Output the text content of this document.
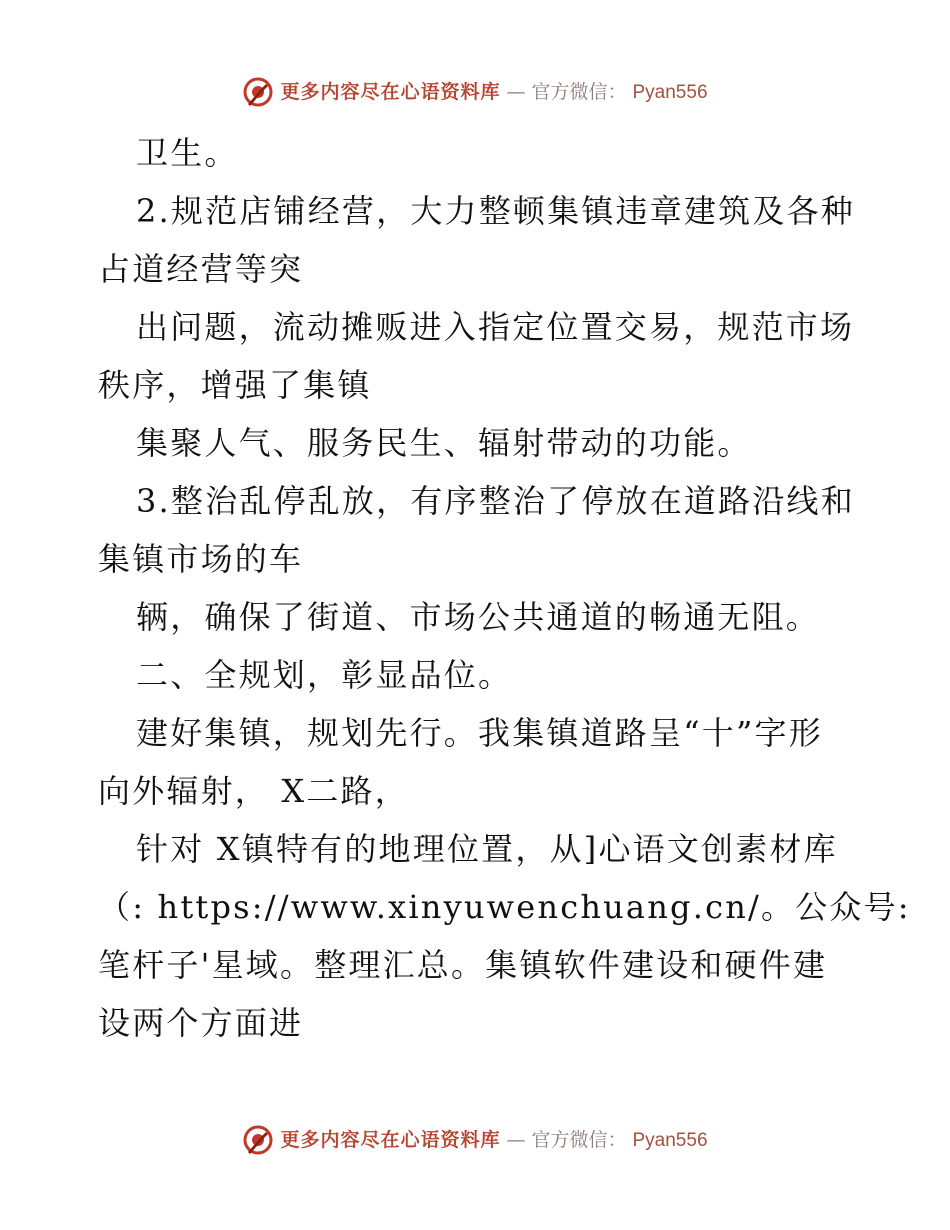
更多内容尽在心语资料库 — 官方微信： Pyan556

卫生。

2.规范店铺经营，大力整顿集镇违章建筑及各种

占道经营等突

出问题，流动摊贩进入指定位置交易，规范市场

秩序，增强了集镇

集聚人气、服务民生、辐射带动的功能。

3.整治乱停乱放，有序整治了停放在道路沿线和

集镇市场的车

辆，确保了街道、市场公共通道的畅通无阻。

二、全规划，彰显品位。

建好集镇，规划先行。我集镇道路呈“十”字形

向外辐射， X二路，

针对 X镇特有的地理位置，从]心语文创素材库

（: https://www.xinyuwenchuang.cn/。公众号:

笔杆子'星域。整理汇总。集镇软件建设和硬件建

设两个方面进

更多内容尽在心语资料库 — 官方微信： Pyan556
